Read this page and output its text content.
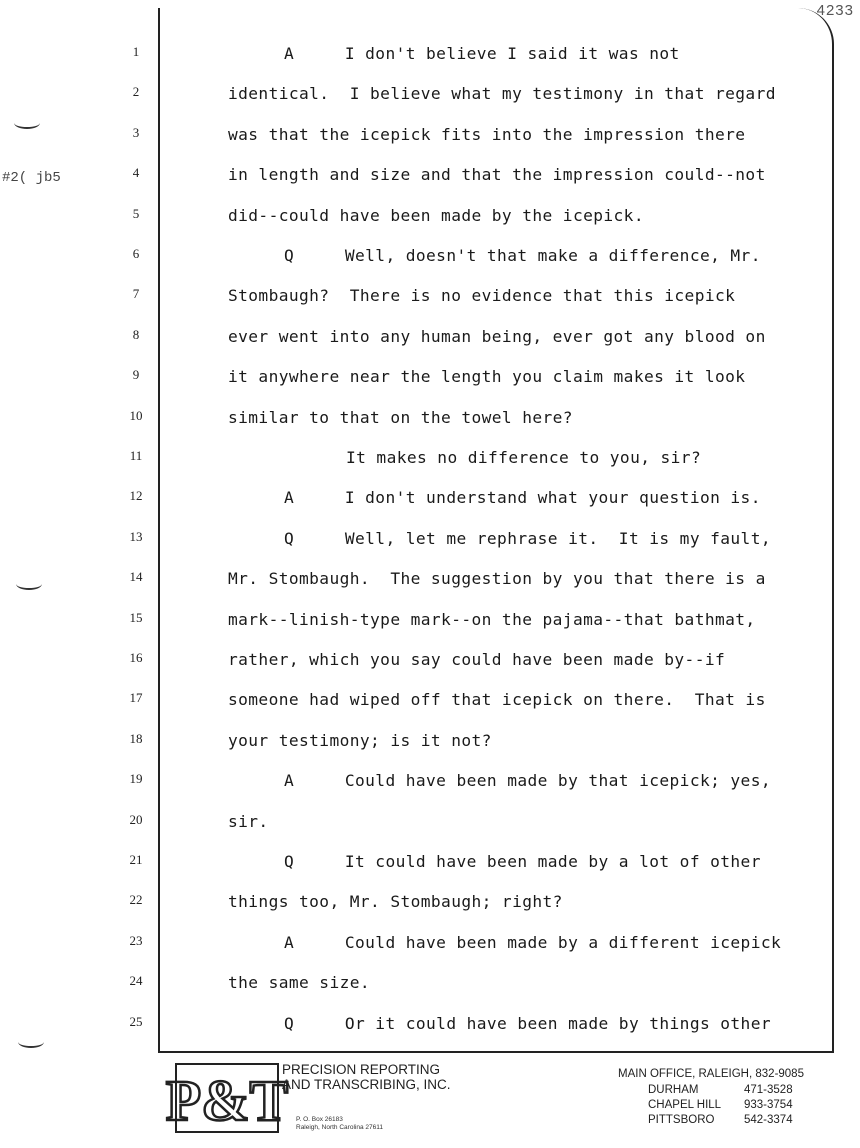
4233
#2( jb5
1	A     I don't believe I said it was not
2	identical.  I believe what my testimony in that regard
3	was that the icepick fits into the impression there
4	in length and size and that the impression could--not
5	did--could have been made by the icepick.
6	Q     Well, doesn't that make a difference, Mr.
7	Stombaugh?  There is no evidence that this icepick
8	ever went into any human being, ever got any blood on
9	it anywhere near the length you claim makes it look
10	similar to that on the towel here?
11	It makes no difference to you, sir?
12	A     I don't understand what your question is.
13	Q     Well, let me rephrase it.  It is my fault,
14	Mr. Stombaugh.  The suggestion by you that there is a
15	mark--linish-type mark--on the pajama--that bathmat,
16	rather, which you say could have been made by--if
17	someone had wiped off that icepick on there.  That is
18	your testimony; is it not?
19	A     Could have been made by that icepick; yes,
20	sir.
21	Q     It could have been made by a lot of other
22	things too, Mr. Stombaugh; right?
23	A     Could have been made by a different icepick
24	the same size.
25	Q     Or it could have been made by things other
P&T
PRECISION REPORTING
AND TRANSCRIBING, INC.
P. O. Box 26183
Raleigh, North Carolina 27611
MAIN OFFICE, RALEIGH, 832-9085
DURHAM	471-3528
CHAPEL HILL	933-3754
PITTSBORO	542-3374
